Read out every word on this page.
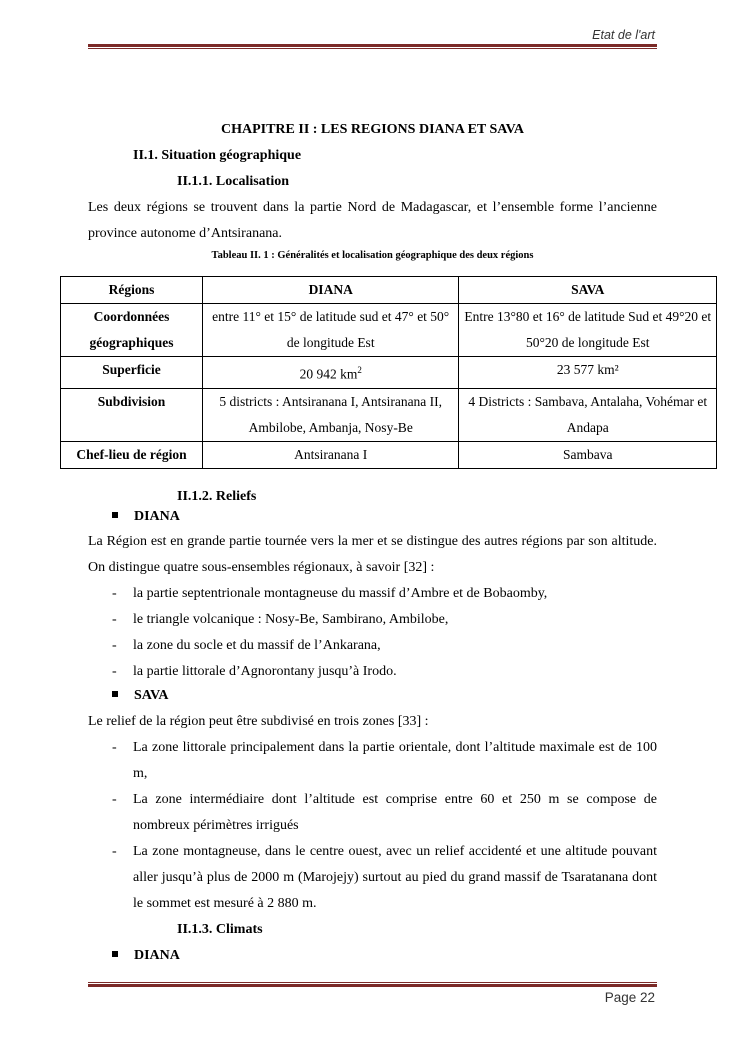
Etat de l'art
CHAPITRE II : LES REGIONS DIANA ET SAVA
II.1. Situation géographique
II.1.1. Localisation
Les deux régions se trouvent dans la partie Nord de Madagascar, et l’ensemble forme l’ancienne province autonome d’Antsiranana.
Tableau II. 1 : Généralités et localisation géographique des deux régions
Régions	DIANA	SAVA
Coordonnées géographiques	entre 11° et 15° de latitude sud et 47° et 50° de longitude Est	Entre 13°80 et 16° de latitude Sud et 49°20 et 50°20 de longitude Est
Superficie	20 942 $km^2$	23 577 km²
Subdivision	5 districts : Antsiranana I, Antsiranana II, Ambilobe, Ambanja, Nosy-Be	4 Districts : Sambava, Antalaha, Vohémar et Andapa
Chef-lieu de région	Antsiranana I	Sambava
II.1.2. Reliefs
DIANA
La Région est en grande partie tournée vers la mer et se distingue des autres régions par son altitude. On distingue quatre sous-ensembles régionaux, à savoir [32] :
- la partie septentrionale montagneuse du massif d’Ambre et de Bobaomby,
- le triangle volcanique : Nosy-Be, Sambirano, Ambilobe,
- la zone du socle et du massif de l’Ankarana,
- la partie littorale d’Agnorontany jusqu’à Irodo.
SAVA
Le relief de la région peut être subdivisé en trois zones [33] :
- La zone littorale principalement dans la partie orientale, dont l’altitude maximale est de 100 m,
- La zone intermédiaire dont l’altitude est comprise entre 60 et 250 m se compose de nombreux périmètres irrigués
- La zone montagneuse, dans le centre ouest, avec un relief accidenté et une altitude pouvant aller jusqu’à plus de 2000 m (Marojejy) surtout au pied du grand massif de Tsaratanana dont le sommet est mesuré à 2 880 m.
II.1.3. Climats
DIANA
Page 22
